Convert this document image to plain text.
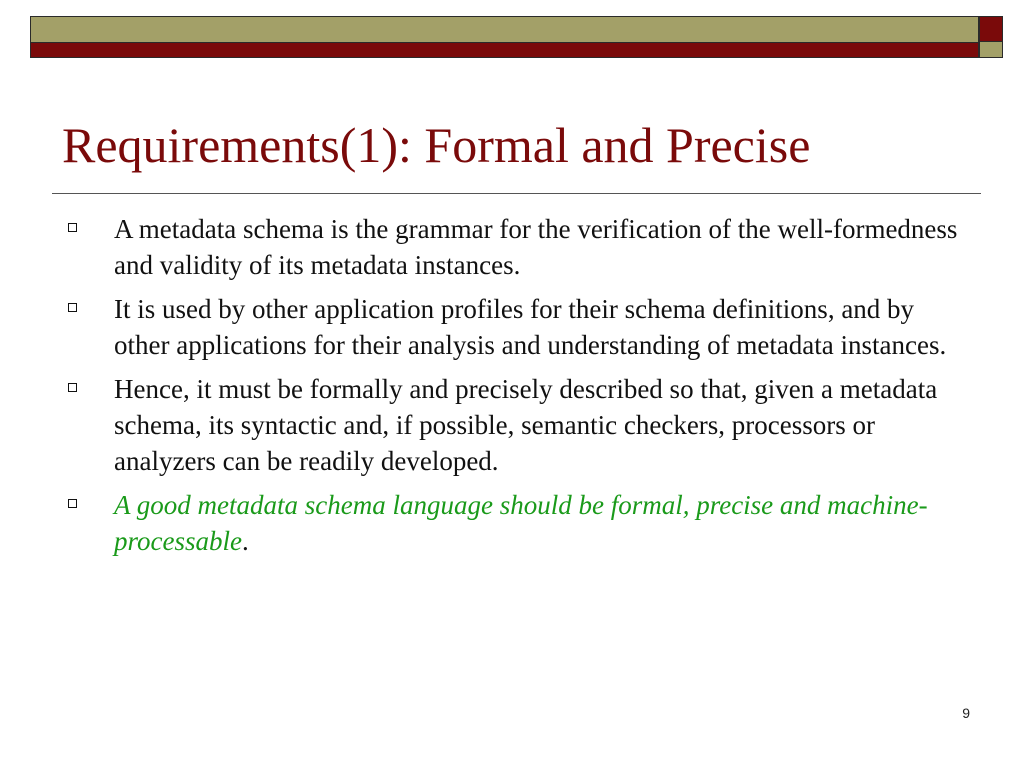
Requirements(1): Formal and Precise
A metadata schema is the grammar for the verification of the well-formedness and validity of its metadata instances.
It is used by other application profiles for their schema definitions, and by other applications for their analysis and understanding of metadata instances.
Hence, it must be formally and precisely described so that, given a metadata schema, its syntactic and, if possible, semantic checkers, processors or analyzers can be readily developed.
A good metadata schema language should be formal, precise and machine-processable.
9
